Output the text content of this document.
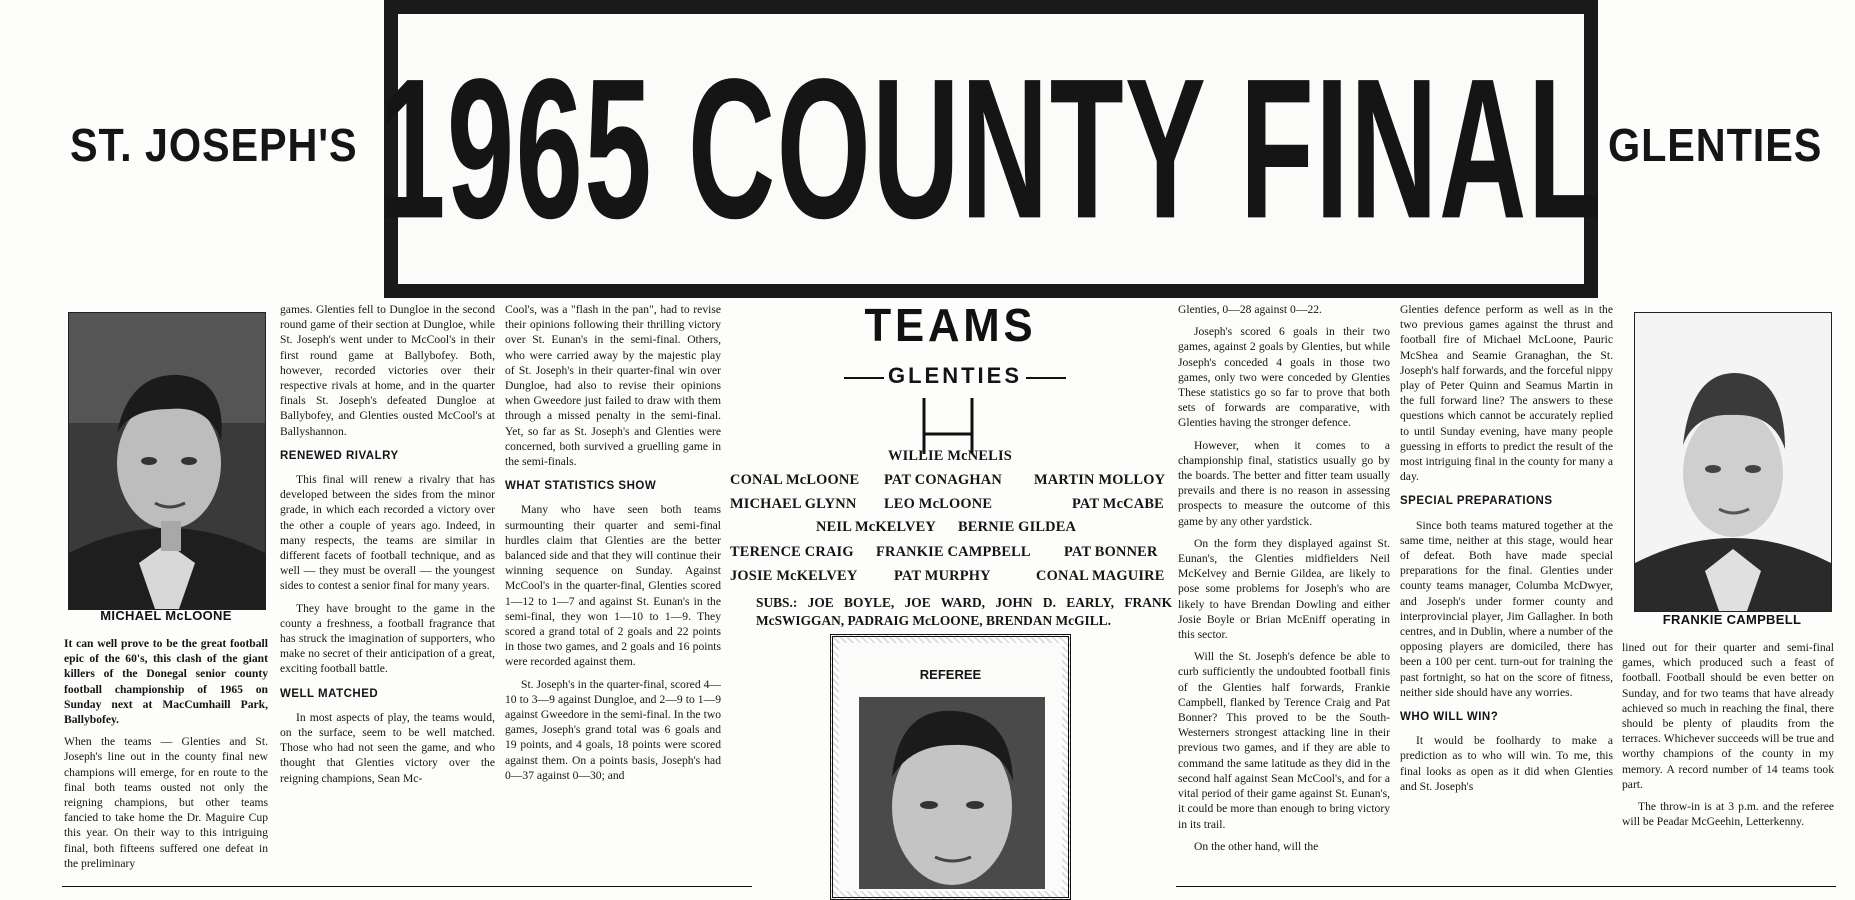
ST. JOSEPH'S 1965 COUNTY FINAL GLENTIES
MICHAEL McLOONE

It can well prove to be the great football epic of the 60's, this clash of the giant killers of the Donegal senior county football championship of 1965 on Sunday next at MacCumhaill Park, Ballybofey.

When the teams — Glenties and St. Joseph's line out in the county final new champions will emerge, for en route to the final both teams ousted not only the reigning champions, but other teams fancied to take home the Dr. Maguire Cup this year. On their way to this intriguing final, both fifteens suffered one defeat in the preliminary

games. Glenties fell to Dungloe in the second round game of their section at Dungloe, while St. Joseph's went under to McCool's in their first round game at Ballybofey. Both, however, recorded victories over their respective rivals at home, and in the quarter finals St. Joseph's defeated Dungloe at Ballybofey, and Glenties ousted McCool's at Ballyshannon.

RENEWED RIVALRY

This final will renew a rivalry that has developed between the sides from the minor grade, in which each recorded a victory over the other a couple of years ago. Indeed, in many respects, the teams are similar in different facets of football technique, and as well — they must be overall — the youngest sides to contest a senior final for many years.

They have brought to the game in the county a freshness, a football fragrance that has struck the imagination of supporters, who make no secret of their anticipation of a great, exciting football battle.

WELL MATCHED

In most aspects of play, the teams would, on the surface, seem to be well matched. Those who had not seen the game, and who thought that Glenties victory over the reigning champions, Sean Mc-

Cool's, was a "flash in the pan", had to revise their opinions following their thrilling victory over St. Eunan's in the semi-final. Others, who were carried away by the majestic play of St. Joseph's in their quarter-final win over Dungloe, had also to revise their opinions when Gweedore just failed to draw with them through a missed penalty in the semi-final. Yet, so far as St. Joseph's and Glenties were concerned, both survived a gruelling game in the semi-finals.

WHAT STATISTICS SHOW

Many who have seen both teams surmounting their quarter and semi-final hurdles claim that Glenties are the better balanced side and that they will continue their winning sequence on Sunday. Against McCool's in the quarter-final, Glenties scored 1—12 to 1—7 and against St. Eunan's in the semi-final, they won 1—10 to 1—9. They scored a grand total of 2 goals and 22 points in those two games, and 2 goals and 16 points were recorded against them.

St. Joseph's in the quarter-final, scored 4—10 to 3—9 against Dungloe, and 2—9 to 1—9 against Gweedore in the semi-final. In the two games, Joseph's grand total was 6 goals and 19 points, and 4 goals, 18 points were scored against them. On a points basis, Joseph's had 0—37 against 0—30; and

TEAMS
GLENTIES
WILLIE McNELIS
CONAL McLOONE PAT CONAGHAN MARTIN MOLLOY
MICHAEL GLYNN LEO McLOONE	PAT McCABE
NEIL McKELVEY BERNIE GILDEA
TERENCE CRAIG FRANKIE CAMPBELL PAT BONNER
JOSIE McKELVEY	PAT MURPHY	CONAL MAGUIRE
SUBS.: JOE BOYLE, JOE WARD, JOHN D. EARLY, FRANK McSWIGGAN, PADRAIG McLOONE, BRENDAN McGILL.
REFEREE

Glenties, 0—28 against 0—22.

Joseph's scored 6 goals in their two games, against 2 goals by Glenties, but while Joseph's conceded 4 goals in those two games, only two were conceded by Glenties These statistics go so far to prove that both sets of forwards are comparative, with Glenties having the stronger defence.

However, when it comes to a championship final, statistics usually go by the boards. The better and fitter team usually prevails and there is no reason in assessing prospects to measure the outcome of this game by any other yardstick.

On the form they displayed against St. Eunan's, the Glenties midfielders Neil McKelvey and Bernie Gildea, are likely to pose some problems for Joseph's who are likely to have Brendan Dowling and either Josie Boyle or Brian McEniff operating in this sector.

Will the St. Joseph's defence be able to curb sufficiently the undoubted football finis of the Glenties half forwards, Frankie Campbell, flanked by Terence Craig and Pat Bonner? This proved to be the South-Westerners strongest attacking line in their previous two games, and if they are able to command the same latitude as they did in the second half against Sean McCool's, and for a vital period of their game against St. Eunan's, it could be more than enough to bring victory in its trail.

On the other hand, will the

Glenties defence perform as well as in the two previous games against the thrust and football fire of Michael McLoone, Pauric McShea and Seamie Granaghan, the St. Joseph's half forwards, and the forceful nippy play of Peter Quinn and Seamus Martin in the full forward line? The answers to these questions which cannot be accurately replied to until Sunday evening, have many people guessing in efforts to predict the result of the most intriguing final in the county for many a day.

SPECIAL PREPARATIONS

Since both teams matured together at the same time, neither at this stage, would hear of defeat. Both have made special preparations for the final. Glenties under county teams manager, Columba McDwyer, and Joseph's under former county and interprovincial player, Jim Gallagher. In both centres, and in Dublin, where a number of the opposing players are domiciled, there has been a 100 per cent. turn-out for training the past fortnight, so hat on the score of fitness, neither side should have any worries.

WHO WILL WIN?

It would be foolhardy to make a prediction as to who will win. To me, this final looks as open as it did when Glenties and St. Joseph's

FRANKIE CAMPBELL

lined out for their quarter and semi-final games, which produced such a feast of football. Football should be even better on Sunday, and for two teams that have already achieved so much in reaching the final, there should be plenty of plaudits from the terraces. Whichever succeeds will be true and worthy champions of the county in my memory. A record number of 14 teams took part.

The throw-in is at 3 p.m. and the referee will be Peadar McGeehin, Letterkenny.
